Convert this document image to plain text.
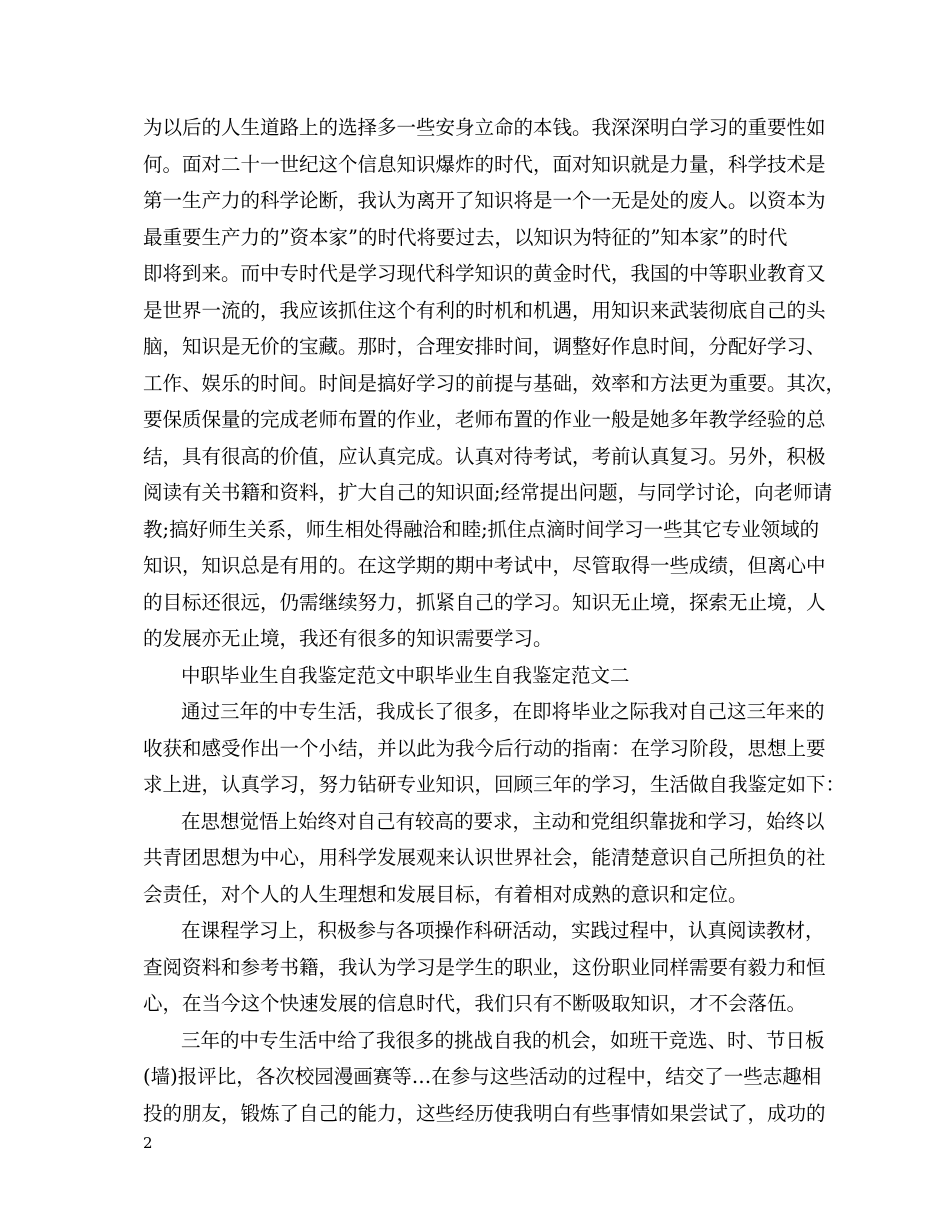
为以后的人生道路上的选择多一些安身立命的本钱。我深深明白学习的重要性如
何。面对二十一世纪这个信息知识爆炸的时代，面对知识就是力量，科学技术是
第一生产力的科学论断，我认为离开了知识将是一个一无是处的废人。以资本为
最重要生产力的”资本家”的时代将要过去，以知识为特征的”知本家”的时代
即将到来。而中专时代是学习现代科学知识的黄金时代，我国的中等职业教育又
是世界一流的，我应该抓住这个有利的时机和机遇，用知识来武装彻底自己的头
脑，知识是无价的宝藏。那时，合理安排时间，调整好作息时间，分配好学习、
工作、娱乐的时间。时间是搞好学习的前提与基础，效率和方法更为重要。其次，
要保质保量的完成老师布置的作业，老师布置的作业一般是她多年教学经验的总
结，具有很高的价值，应认真完成。认真对待考试，考前认真复习。另外，积极
阅读有关书籍和资料，扩大自己的知识面;经常提出问题，与同学讨论，向老师请
教;搞好师生关系，师生相处得融洽和睦;抓住点滴时间学习一些其它专业领域的
知识，知识总是有用的。在这学期的期中考试中，尽管取得一些成绩，但离心中
的目标还很远，仍需继续努力，抓紧自己的学习。知识无止境，探索无止境，人
的发展亦无止境，我还有很多的知识需要学习。
中职毕业生自我鉴定范文中职毕业生自我鉴定范文二
通过三年的中专生活，我成长了很多，在即将毕业之际我对自己这三年来的
收获和感受作出一个小结，并以此为我今后行动的指南：在学习阶段，思想上要
求上进，认真学习，努力钻研专业知识，回顾三年的学习，生活做自我鉴定如下：
在思想觉悟上始终对自己有较高的要求，主动和党组织靠拢和学习，始终以
共青团思想为中心，用科学发展观来认识世界社会，能清楚意识自己所担负的社
会责任，对个人的人生理想和发展目标，有着相对成熟的意识和定位。
在课程学习上，积极参与各项操作科研活动，实践过程中，认真阅读教材，
查阅资料和参考书籍，我认为学习是学生的职业，这份职业同样需要有毅力和恒
心，在当今这个快速发展的信息时代，我们只有不断吸取知识，才不会落伍。
三年的中专生活中给了我很多的挑战自我的机会，如班干竞选、时、节日板
(墙)报评比，各次校园漫画赛等…在参与这些活动的过程中，结交了一些志趣相
投的朋友，锻炼了自己的能力，这些经历使我明白有些事情如果尝试了，成功的
2
